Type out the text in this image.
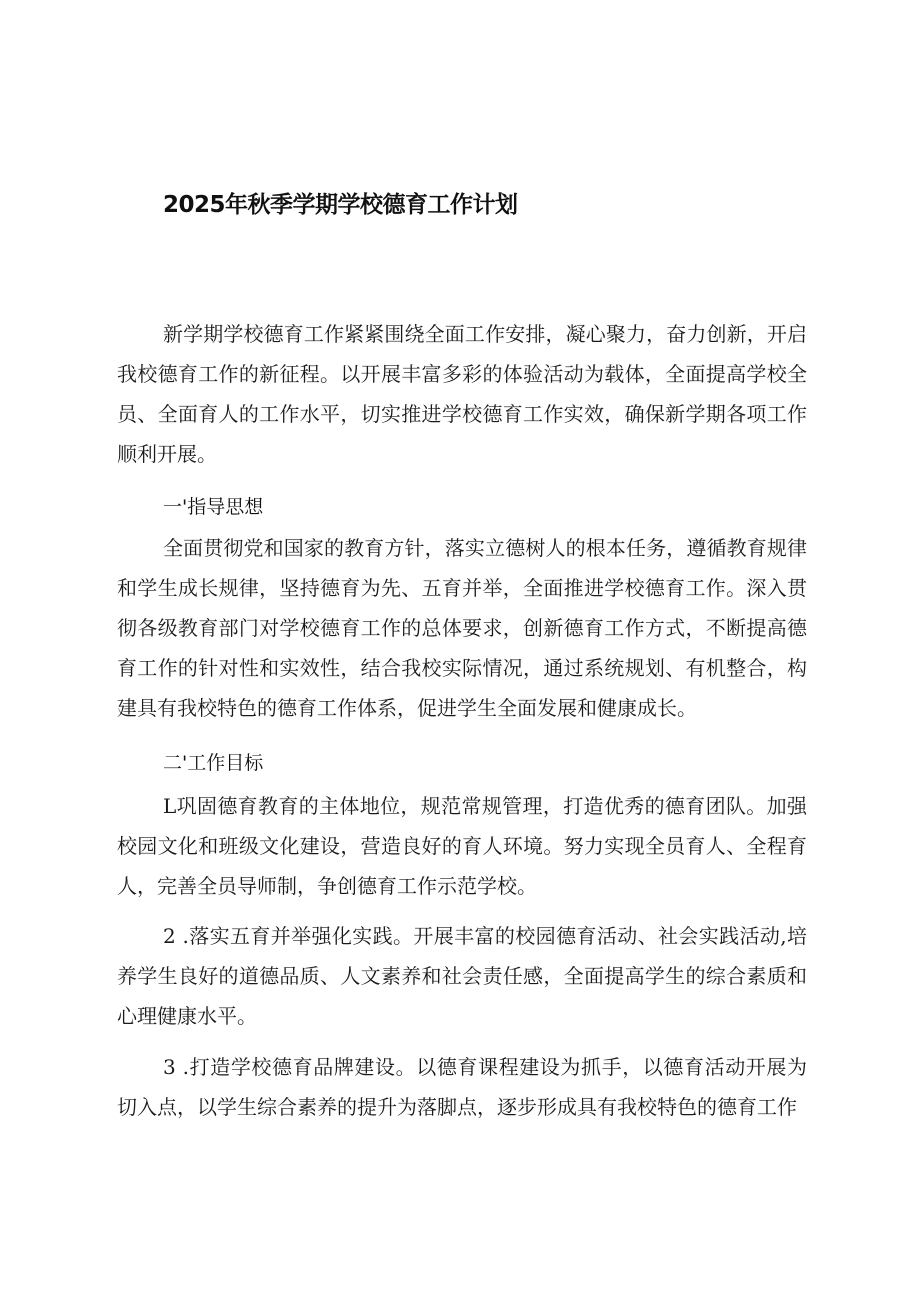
2025年秋季学期学校德育工作计划

新学期学校德育工作紧紧围绕全面工作安排，凝心聚力，奋力创新，开启我校德育工作的新征程。以开展丰富多彩的体验活动为载体，全面提高学校全员、全面育人的工作水平，切实推进学校德育工作实效，确保新学期各项工作顺利开展。

一'指导思想

全面贯彻党和国家的教育方针，落实立德树人的根本任务，遵循教育规律和学生成长规律，坚持德育为先、五育并举，全面推进学校德育工作。深入贯彻各级教育部门对学校德育工作的总体要求，创新德育工作方式，不断提高德育工作的针对性和实效性，结合我校实际情况，通过系统规划、有机整合，构建具有我校特色的德育工作体系，促进学生全面发展和健康成长。

二'工作目标

L巩固德育教育的主体地位，规范常规管理，打造优秀的德育团队。加强校园文化和班级文化建设，营造良好的育人环境。努力实现全员育人、全程育人，完善全员导师制，争创德育工作示范学校。

2 .落实五育并举强化实践。开展丰富的校园德育活动、社会实践活动,培养学生良好的道德品质、人文素养和社会责任感，全面提高学生的综合素质和心理健康水平。

3 .打造学校德育品牌建设。以德育课程建设为抓手，以德育活动开展为切入点，以学生综合素养的提升为落脚点，逐步形成具有我校特色的德育工作
